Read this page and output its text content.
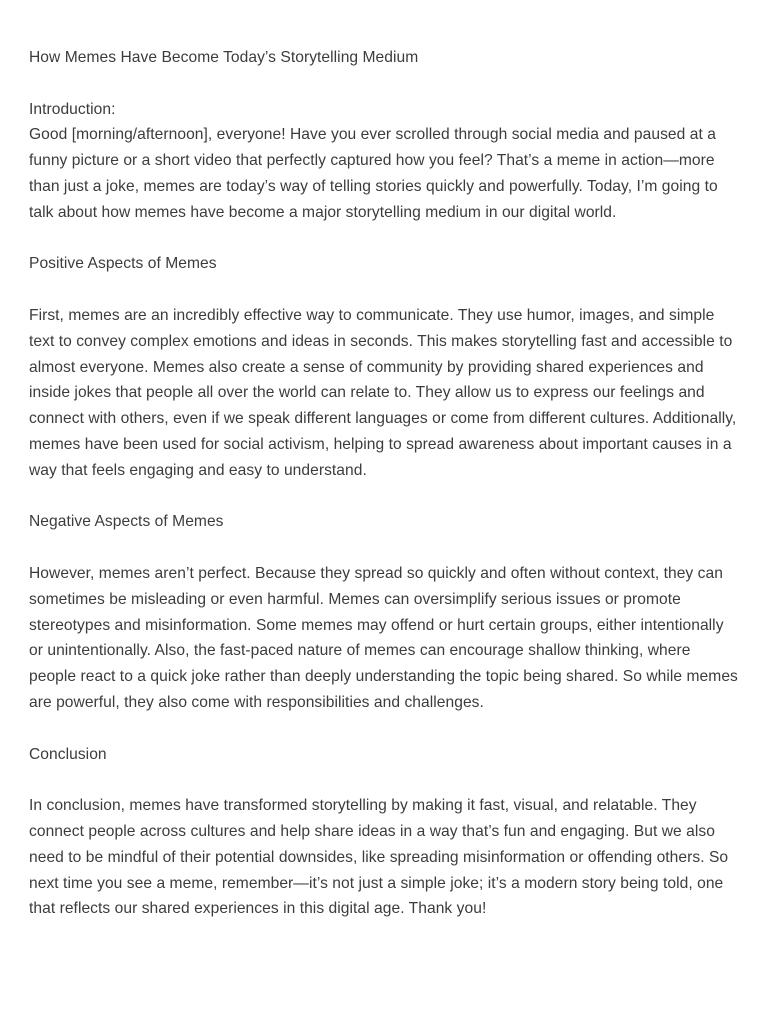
How Memes Have Become Today’s Storytelling Medium

Introduction:

Good [morning/afternoon], everyone! Have you ever scrolled through social media and paused at a funny picture or a short video that perfectly captured how you feel? That’s a meme in action—more than just a joke, memes are today’s way of telling stories quickly and powerfully. Today, I’m going to talk about how memes have become a major storytelling medium in our digital world.

Positive Aspects of Memes

First, memes are an incredibly effective way to communicate. They use humor, images, and simple text to convey complex emotions and ideas in seconds. This makes storytelling fast and accessible to almost everyone. Memes also create a sense of community by providing shared experiences and inside jokes that people all over the world can relate to. They allow us to express our feelings and connect with others, even if we speak different languages or come from different cultures. Additionally, memes have been used for social activism, helping to spread awareness about important causes in a way that feels engaging and easy to understand.

Negative Aspects of Memes

However, memes aren’t perfect. Because they spread so quickly and often without context, they can sometimes be misleading or even harmful. Memes can oversimplify serious issues or promote stereotypes and misinformation. Some memes may offend or hurt certain groups, either intentionally or unintentionally. Also, the fast-paced nature of memes can encourage shallow thinking, where people react to a quick joke rather than deeply understanding the topic being shared. So while memes are powerful, they also come with responsibilities and challenges.

Conclusion

In conclusion, memes have transformed storytelling by making it fast, visual, and relatable. They connect people across cultures and help share ideas in a way that’s fun and engaging. But we also need to be mindful of their potential downsides, like spreading misinformation or offending others. So next time you see a meme, remember—it’s not just a simple joke; it’s a modern story being told, one that reflects our shared experiences in this digital age. Thank you!
